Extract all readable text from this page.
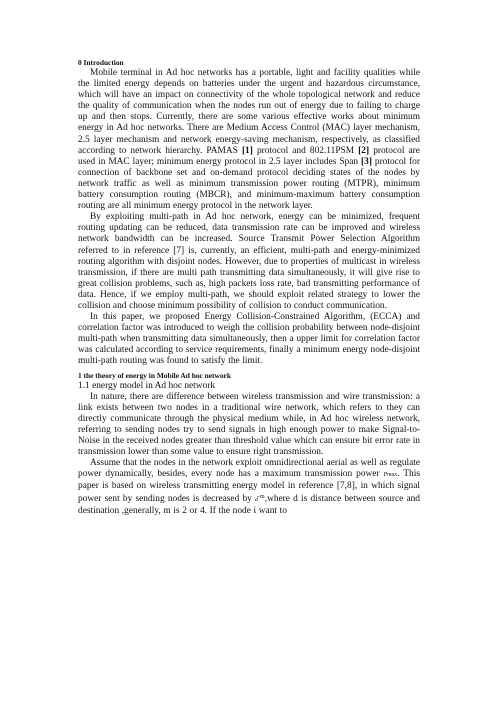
0 Introduction

Mobile terminal in Ad hoc networks has a portable, light and facility qualities while the limited energy depends on batteries under the urgent and hazardous circumstance, which will have an impact on connectivity of the whole topological network and reduce the quality of communication when the nodes run out of energy due to failing to charge up and then stops. Currently, there are some various effective works about minimum energy in Ad hoc networks. There are Medium Access Control (MAC) layer mechanism, 2.5 layer mechanism and network energy-saving mechanism, respectively, as classified according to network hierarchy. PAMAS [1] protocol and 802.11PSM [2] protocol are used in MAC layer; minimum energy protocol in 2.5 layer includes Span [3] protocol for connection of backbone set and on-demand protocol deciding states of the nodes by network traffic as well as minimum transmission power routing (MTPR), minimum battery consumption routing (MBCR), and minimum-maximum battery consumption routing are all minimum energy protocol in the network layer.

By exploiting multi-path in Ad hoc network, energy can be minimized, frequent routing updating can be reduced, data transmission rate can be improved and wireless network bandwidth can be increased. Source Transmit Power Selection Algorithm referred to in reference [7] is, currently, an efficient, multi-path and energy-minimized routing algorithm with disjoint nodes. However, due to properties of multicast in wireless transmission, if there are multi path transmitting data simultaneously, it will give rise to great collision problems, such as, high packets loss rate, bad transmitting performance of data. Hence, if we employ multi-path, we should exploit related strategy to lower the collision and choose minimum possibility of collision to conduct communication.

In this paper, we proposed Energy Collision-Constrained Algorithm, (ECCA) and correlation factor was introduced to weigh the collision probability between node-disjoint multi-path when transmitting data simultaneously, then a upper limit for correlation factor was calculated according to service requirements, finally a minimum energy node-disjoint multi-path routing was found to satisfy the limit.

1 the theory of energy in Mobile Ad hoc network
1.1 energy model in Ad hoc network

In nature, there are difference between wireless transmission and wire transmission: a link exists between two nodes in a traditional wire network, which refers to they can directly communicate through the physical medium while, in Ad hoc wireless network, referring to sending nodes try to send signals in high enough power to make Signal-to-Noise in the received nodes greater than threshold value which can ensure bit error rate in transmission lower than some value to ensure right transmission.

Assume that the nodes in the network exploit omnidirectional aerial as well as regulate power dynamically, besides, every node has a maximum transmission power Pmax. This paper is based on wireless transmitting energy model in reference [7,8], in which signal power sent by sending nodes is decreased by $d^{-m},where$ d is distance between source and destination ,generally, m is 2 or 4. If the node i want to
